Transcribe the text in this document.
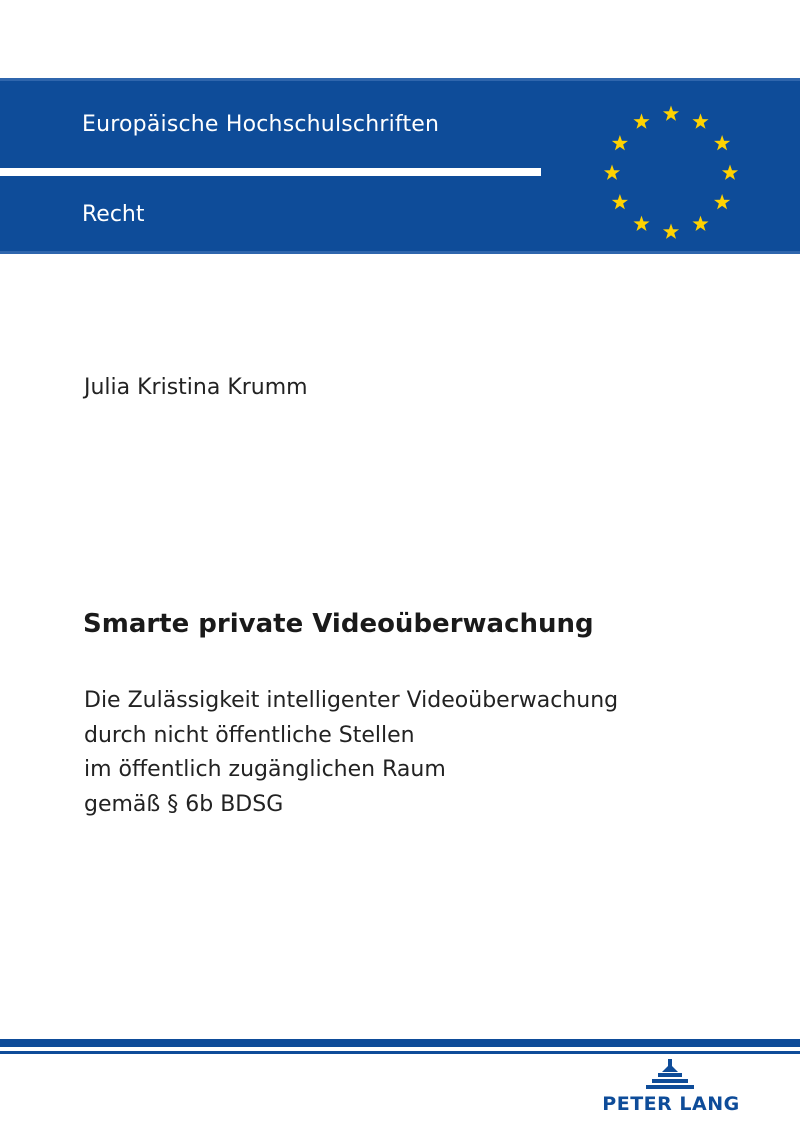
Europäische Hochschulschriften
Recht
Julia Kristina Krumm
Smarte private Videoüberwachung
Die Zulässigkeit intelligenter Videoüberwachung
durch nicht öffentliche Stellen
im öffentlich zugänglichen Raum
gemäß § 6b BDSG
PETER LANG
